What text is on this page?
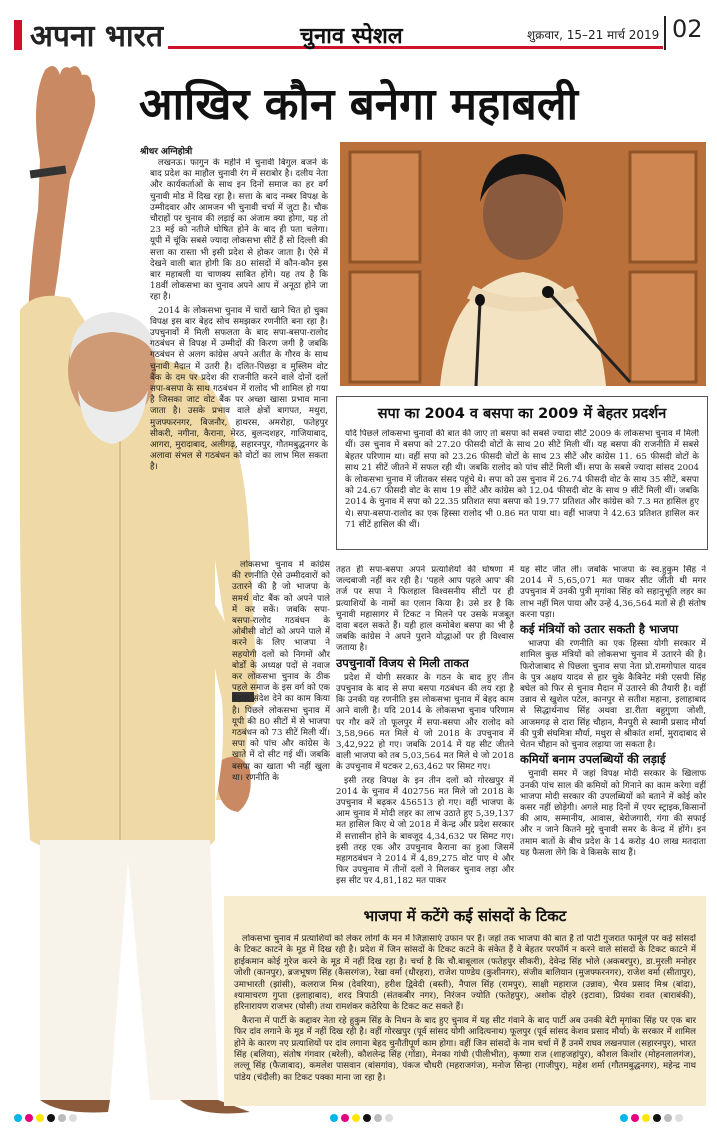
अपना भारत	चुनाव स्पेशल	शुक्रवार, 15–21 मार्च 2019 02
आखिर कौन बनेगा महाबली
श्रीधर अग्निहोत्री

लखनऊ। फागुन के महीने में चुनावी बिगुल बजने के बाद प्रदेश का माहौल चुनावी रंग में सराबोर है। दलीय नेता और कार्यकर्ताओं के साथ इन दिनों समाज का हर वर्ग चुनावी मोड में दिख रहा है। सत्ता के बाद नम्बर विपक्ष के उम्मीदवार और आमजन भी चुनावी चर्चा में जुटा है। चौक चौराहों पर चुनाव की लड़ाई का अंजाम क्या होगा, यह तो 23 मई को नतीजे घोषित होने के बाद ही पता चलेगा। यूपी में चूंकि सबसे ज्यादा लोकसभा सीटें हैं सो दिल्ली की सत्ता का रास्ता भी इसी प्रदेश से होकर जाता है। ऐसे में देखने वाली बात होगी कि 80 सांसदों में कौन-कौन इस बार महाबली या चाणक्य साबित होंगे। यह तय है कि 18वीं लोकसभा का चुनाव अपने आप में अनूठा होने जा रहा है।

2014 के लोकसभा चुनाव में चारों खाने चित हो चुका विपक्ष इस बार बेहद सोच समझकर रणनीति बना रहा है। उपचुनावों में मिली सफलता के बाद सपा-बसपा-रालोद गठबंधन से विपक्ष में उम्मीदों की किरण जगी है जबकि गठबंधन से अलग कांग्रेस अपने अतीत के गौरव के साथ चुनावी मैदान में उतरी है। दलित-पिछड़ा व मुस्लिम वोट बैंक के दम पर प्रदेश की राजनीति करने वाले दोनों दलों सपा-बसपा के साथ गठबंधन में रालोद भी शामिल हो गया है जिसका जाट वोट बैंक पर अच्छा खासा प्रभाव माना जाता है। उसके प्रभाव वाले क्षेत्रों बागपत, मथुरा, मुजफ्फरनगर, बिजनौर, हाथरस, अमरोहा, फतेहपुर सीकरी, नगीना, कैराना, मेरठ, बुलन्दशहर, गाजियाबाद, आगरा, मुरादाबाद, अलीगढ़, सहारनपुर, गौतमबुद्धनगर के अलावा संभल से गठबंधन को वोटों का लाभ मिल सकता है।

लोकसभा चुनाव में कांग्रेस की रणनीति ऐसे उम्मीदवारों को उतारने की है जो भाजपा के समर्थ वोट बैंक को अपने पाले में कर सकें। जबकि सपा-बसपा-रालोद गठबंधन के ओबीसी वोटों को अपने पाले में करने के लिए भाजपा ने सहयोगी दलों को निगमों और बोर्डों के अध्यक्ष पदों से नवाज कर लोकसभा चुनाव के ठीक पहले समाज के इस वर्ग को एक बेहतर संदेश देने का काम किया है। पिछले लोकसभा चुनाव में यूपी की 80 सीटों में से भाजपा गठबंधन को 73 सीटें मिली थीं। सपा को पांच और कांग्रेस के खाते में दो सीट गई थीं। जबकि बसपा का खाता भी नहीं खुला था। रणनीति के

सपा का 2004 व बसपा का 2009 में बेहतर प्रदर्शन
यदि पिछले लोकसभा चुनावों की बात की जाए तो बसपा को सबसे ज्यादा सीटें 2009 के लोकसभा चुनाव में मिली थीं। उस चुनाव में बसपा को 27.20 फीसदी वोटों के साथ 20 सीटें मिली थीं। यह बसपा की राजनीति में सबसे बेहतर परिणाम था। वहीं सपा को 23.26 फीसदी वोटों के साथ 23 सीटें और कांग्रेस 11. 65 फीसदी वोटों के साथ 21 सीटें जीतने में सफल रही थी। जबकि रालोद को पांच सीटें मिली थीं। सपा के सबसे ज्यादा सांसद 2004 के लोकसभा चुनाव में जीतकर संसद पहुंचे थे। सपा को उस चुनाव में 26.74 फीसदी वोट के साथ 35 सीटें, बसपा को 24.67 फीसदी वोट के साथ 19 सीटें और कांग्रेस को 12.04 फीसदी वोट के साथ 9 सीटें मिली थीं। जबकि 2014 के चुनाव में सपा को 22.35 प्रतिशत सपा बसपा को 19.77 प्रतिशत और कांग्रेस को 7.3 मत हासिल हुए थे। सपा-बसपा-रालोद का एक हिस्सा रालोद भी 0.86 मत पाया था। वहीं भाजपा ने 42.63 प्रतिशत हासिल कर 71 सीटें हासिल की थीं।

तहत ही सपा-बसपा अपने प्रत्याशियों की घोषणा में जल्दबाजी नहीं कर रही है। 'पहले आप पहले आप' की तर्ज पर सपा ने फिलहाल विश्वसनीय सीटों पर ही प्रत्याशियों के नामों का एलान किया है। उसे डर है कि चुनावी महासागर में टिकट न मिलने पर उसके मजबूत दावा बदल सकते हैं। यही हाल कमोबेश बसपा का भी है जबकि कांग्रेस ने अपने पुराने योद्धाओं पर ही विश्वास जताया है।

उपचुनावों विजय से मिली ताकत

प्रदेश में योगी सरकार के गठन के बाद हुए तीन उपचुनाव के बाद से सपा बसपा गठबंधन की लय रहा है कि उनकी यह रणनीति इस लोकसभा चुनाव में बेहद काम आने वाली है। यदि 2014 के लोकसभा चुनाव परिणाम पर गौर करें तो फूलपुर में सपा-बसपा और रालोद को 3,58,966 मत मिले थे जो 2018 के उपचुनाव में 3,42,922 हो गए। जबकि 2014 में यह सीट जीतने वाली भाजपा को तब 5,03,564 मत मिले थे जो 2018 के उपचुनाव में घटकर 2,63,462 पर सिमट गए।

इसी तरह विपक्ष के इन तीन दलों को गोरखपुर में 2014 के चुनाव में 402756 मत मिले जो 2018 के उपचुनाव में बढ़कर 456513 हो गए। वहीं भाजपा के आम चुनाव में मोदी लहर का लाभ उठाते हुए 5,39,137 मत हासिल किए थे जो 2018 में केन्द्र और प्रदेश सरकार में सत्तासीन होने के बावजूद 4,34,632 पर सिमट गए। इसी तरह एक और उपचुनाव कैराना का हुआ जिसमें महागठबंधन ने 2014 में 4,89,275 वोट पाए थे और फिर उपचुनाव में तीनों दलों ने मिलकर चुनाव लड़ा और इस सीट पर 4,81,182 मत पाकर

यह सीट जीत ली। जबकि भाजपा के स्व.हुकुम सिंह ने 2014 में 5,65,071 मत पाकर सीट जीती थी मगर उपचुनाव में उनकी पुत्री मृगांका सिंह को सहानुभूति लहर का लाभ नहीं मिल पाया और उन्हें 4,36,564 मतों से ही संतोष करना पड़ा।

कई मंत्रियों को उतार सकती है भाजपा

भाजपा की रणनीति का एक हिस्सा योगी सरकार में शामिल कुछ मंत्रियों को लोकसभा चुनाव में उतारने की है। फिरोजाबाद से पिछला चुनाव सपा नेता प्रो.रामगोपाल यादव के पुत्र अक्षय यादव से हार चुके कैबिनेट मंत्री एसपी सिंह बघेल को फिर से चुनाव मैदान में उतारने की तैयारी है। वहीं उन्नाव से खुशेल पटेल, कानपुर से सतीश महाना, इलाहाबाद से सिद्धार्थनाथ सिंह अथवा डा.रीता बहुगुणा जोशी, आजमगढ़ से दारा सिंह चौहान, मैनपुरी से स्वामी प्रसाद मौर्या की पुत्री संघमित्रा मौर्या, मथुरा से श्रीकांत शर्मा, मुरादाबाद से चेतन चौहान को चुनाव लड़ाया जा सकता है।

कमियों बनाम उपलब्धियों की लड़ाई

चुनावी समर में जहां विपक्ष मोदी सरकार के खिलाफ उनकी पांच साल की कमियों को गिनाने का काम करेगा वहीं भाजपा मोदी सरकार की उपलब्धियों को बताने में कोई कोर कसर नहीं छोड़ेगी। अगले माह दिनों में एयर स्ट्राइक,किसानों की आय, सम्मानीय, आवास, बेरोजगारी, गंगा की सफाई और न जाने कितने मुद्दे चुनावी समर के केन्द्र में होंगे। इन तमाम बातों के बीच प्रदेश के 14 करोड़ 40 लाख मतदाता यह फैसला लेंगे कि वे किसके साथ हैं।

भाजपा में कटेंगे कई सांसदों के टिकट

लोकसभा चुनाव में प्रत्याशियों को लेकर लोगों के मन में जिज्ञासाएं उफान पर हैं। जहां तक भाजपा की बात है तो पार्टी गुजरात फार्मूले पर कई सांसदों के टिकट काटने के मूड में दिख रही है। प्रदेश में जिन सांसदों के टिकट कटने के संकेत हैं वे बेहतर परफॉर्म न करने वाले सांसदों के टिकट काटने में हाईकमान कोई गुरेज करने के मूड में नहीं दिख रहा है। चर्चा है कि चौ.बाबूलाल (फतेहपुर सीकरी), देवेन्द्र सिंह भोले (अकबरपुर), डा.मुरली मनोहर जोशी (कानपुर), ब्रजभूषण सिंह (कैसरगंज), रेखा वर्मा (धौरहरा), राजेश पाण्डेय (कुशीनगर), संजीव बालियान (मुजफ्फरनगर), राजेश वर्मा (सीतापुर), उमाभारती (झांसी), कलराज मिश्र (देवरिया), हरीश द्विवेदी (बस्ती), नैपाल सिंह (रामपुर), साक्षी महाराज (उन्नाव), भैरव प्रसाद मिश्र (बांदा), श्यामाचरण गुप्ता (इलाहाबाद), शरद त्रिपाठी (संतकबीर नगर), निरंजन ज्योति (फतेहपुर), अशोक दोहरे (इटावा), प्रियंका रावत (बाराबंकी), हरिनारायण राजभर (घोसी) तथा रामशंकर कठेरिया के टिकट कट सकते हैं।

कैराना में पार्टी के कद्दावर नेता रहे हुकुम सिंह के निधन के बाद हुए चुनाव में यह सीट गंवाने के बाद पार्टी अब उनकी बेटी मृगांका सिंह पर एक बार फिर दांव लगाने के मूड में नहीं दिख रही है। वहीं गोरखपुर (पूर्व सांसद योगी आदित्यनाथ) फूलपुर (पूर्व सांसद केशव प्रसाद मौर्या) के सरकार में शामिल होने के कारण नए प्रत्याशियों पर दांव लगाना बेहद चुनौतीपूर्ण काम होगा। वहीं जिन सांसदों के नाम चर्चा में हैं उनमें राघव लखनपाल (सहारनपुर), भारत सिंह (बलिया), संतोष गंगवार (बरेली), कौशलेन्द्र सिंह (गोंडा), मेनका गांधी (पीलीभीत), कृष्णा राज (शाहजहांपुर), कौशल किशोर (मोहनलालगंज), लल्लू सिंह (फैजाबाद), कमलेश पासवान (बांसगांव), पंकज चौधरी (महराजगंज), मनोज सिन्हा (गाजीपुर), महेश शर्मा (गौतमबुद्धनगर), महेन्द्र नाथ पांडेय (चंदौली) का टिकट पक्का माना जा रहा है।
